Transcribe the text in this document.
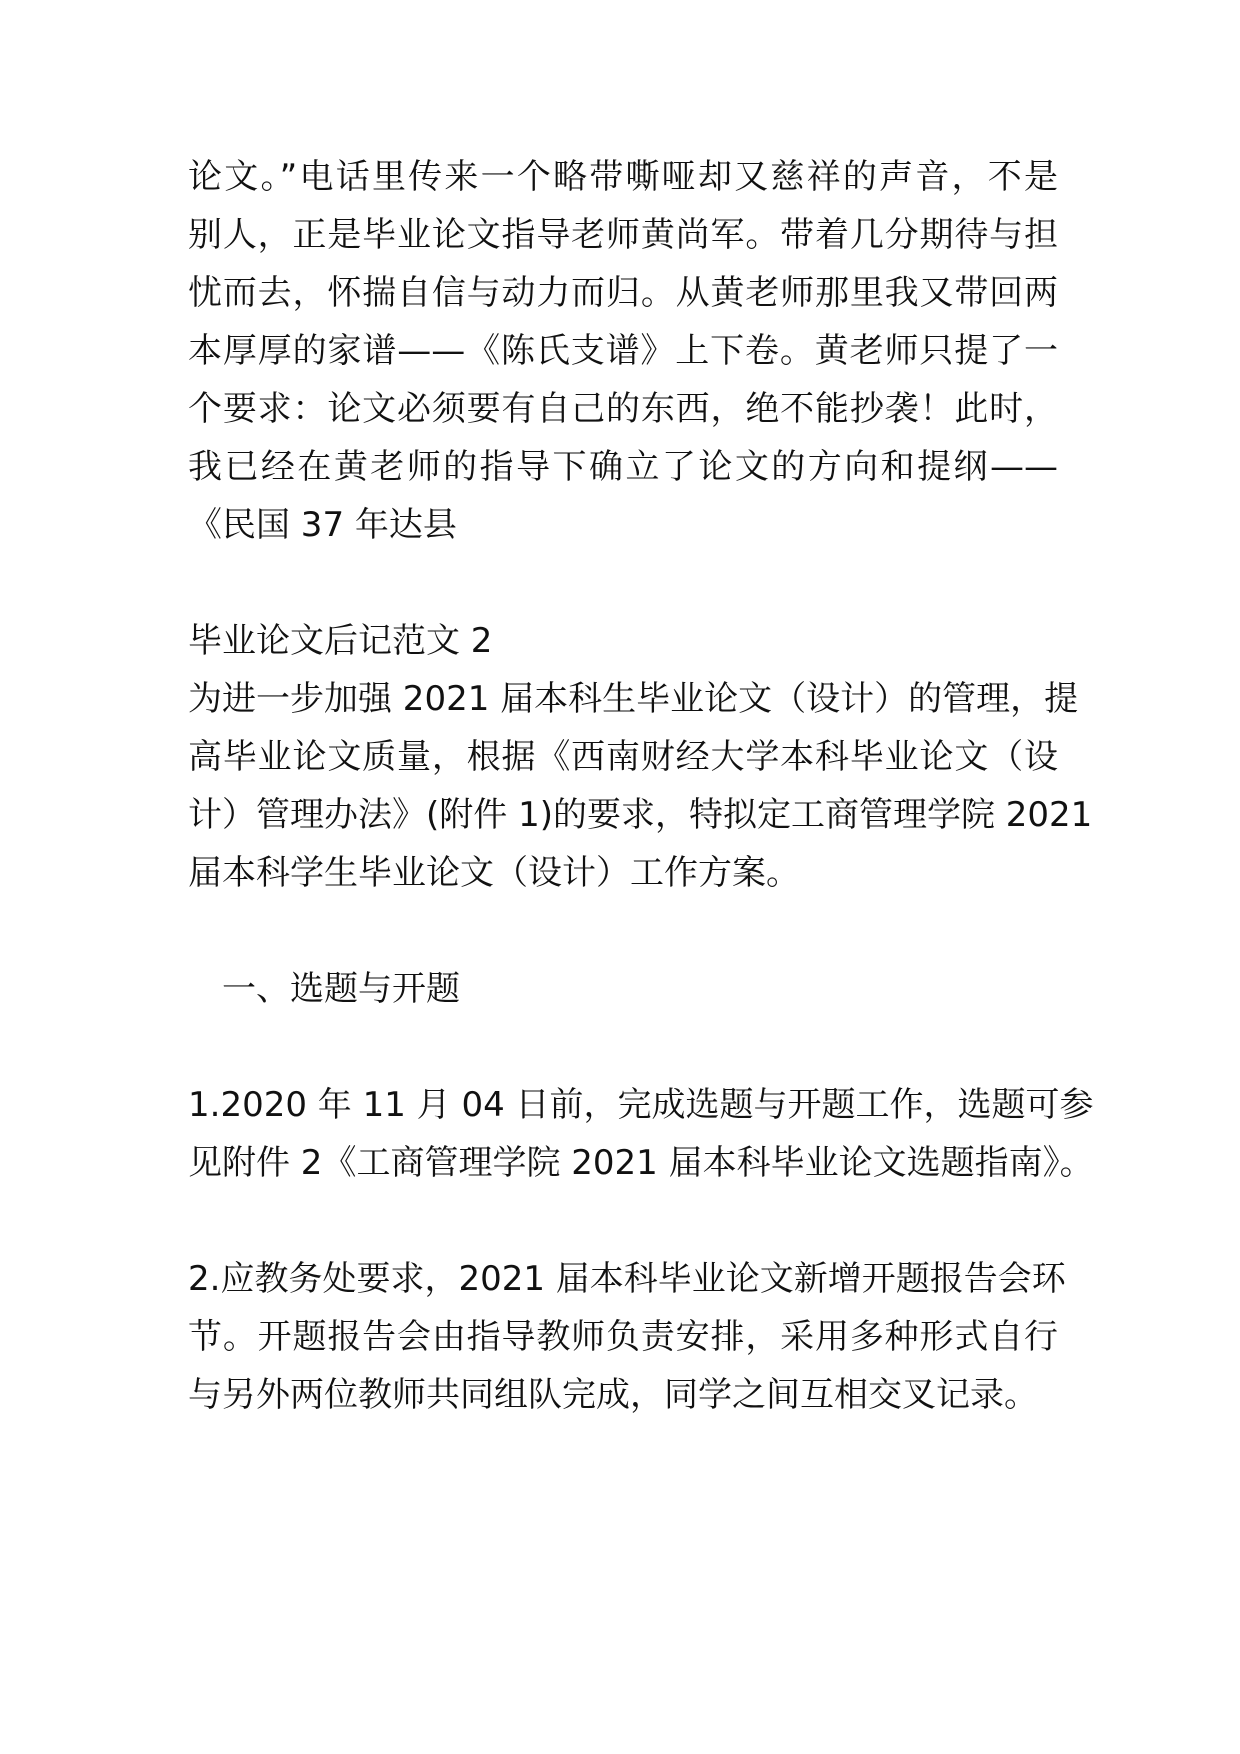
论文。”电话里传来一个略带嘶哑却又慈祥的声音，不是
别人，正是毕业论文指导老师黄尚军。带着几分期待与担
忧而去，怀揣自信与动力而归。从黄老师那里我又带回两
本厚厚的家谱——《陈氏支谱》上下卷。黄老师只提了一
个要求：论文必须要有自己的东西，绝不能抄袭！此时，
我已经在黄老师的指导下确立了论文的方向和提纲——
《民国 37 年达县
毕业论文后记范文 2
为进一步加强 2021 届本科生毕业论文（设计）的管理，提
高毕业论文质量，根据《西南财经大学本科毕业论文（设
计）管理办法》(附件 1)的要求，特拟定工商管理学院 2021
届本科学生毕业论文（设计）工作方案。
　一、选题与开题
1.2020 年 11 月 04 日前，完成选题与开题工作，选题可参
见附件 2《工商管理学院 2021 届本科毕业论文选题指南》。
2.应教务处要求，2021 届本科毕业论文新增开题报告会环
节。开题报告会由指导教师负责安排，采用多种形式自行
与另外两位教师共同组队完成，同学之间互相交叉记录。
